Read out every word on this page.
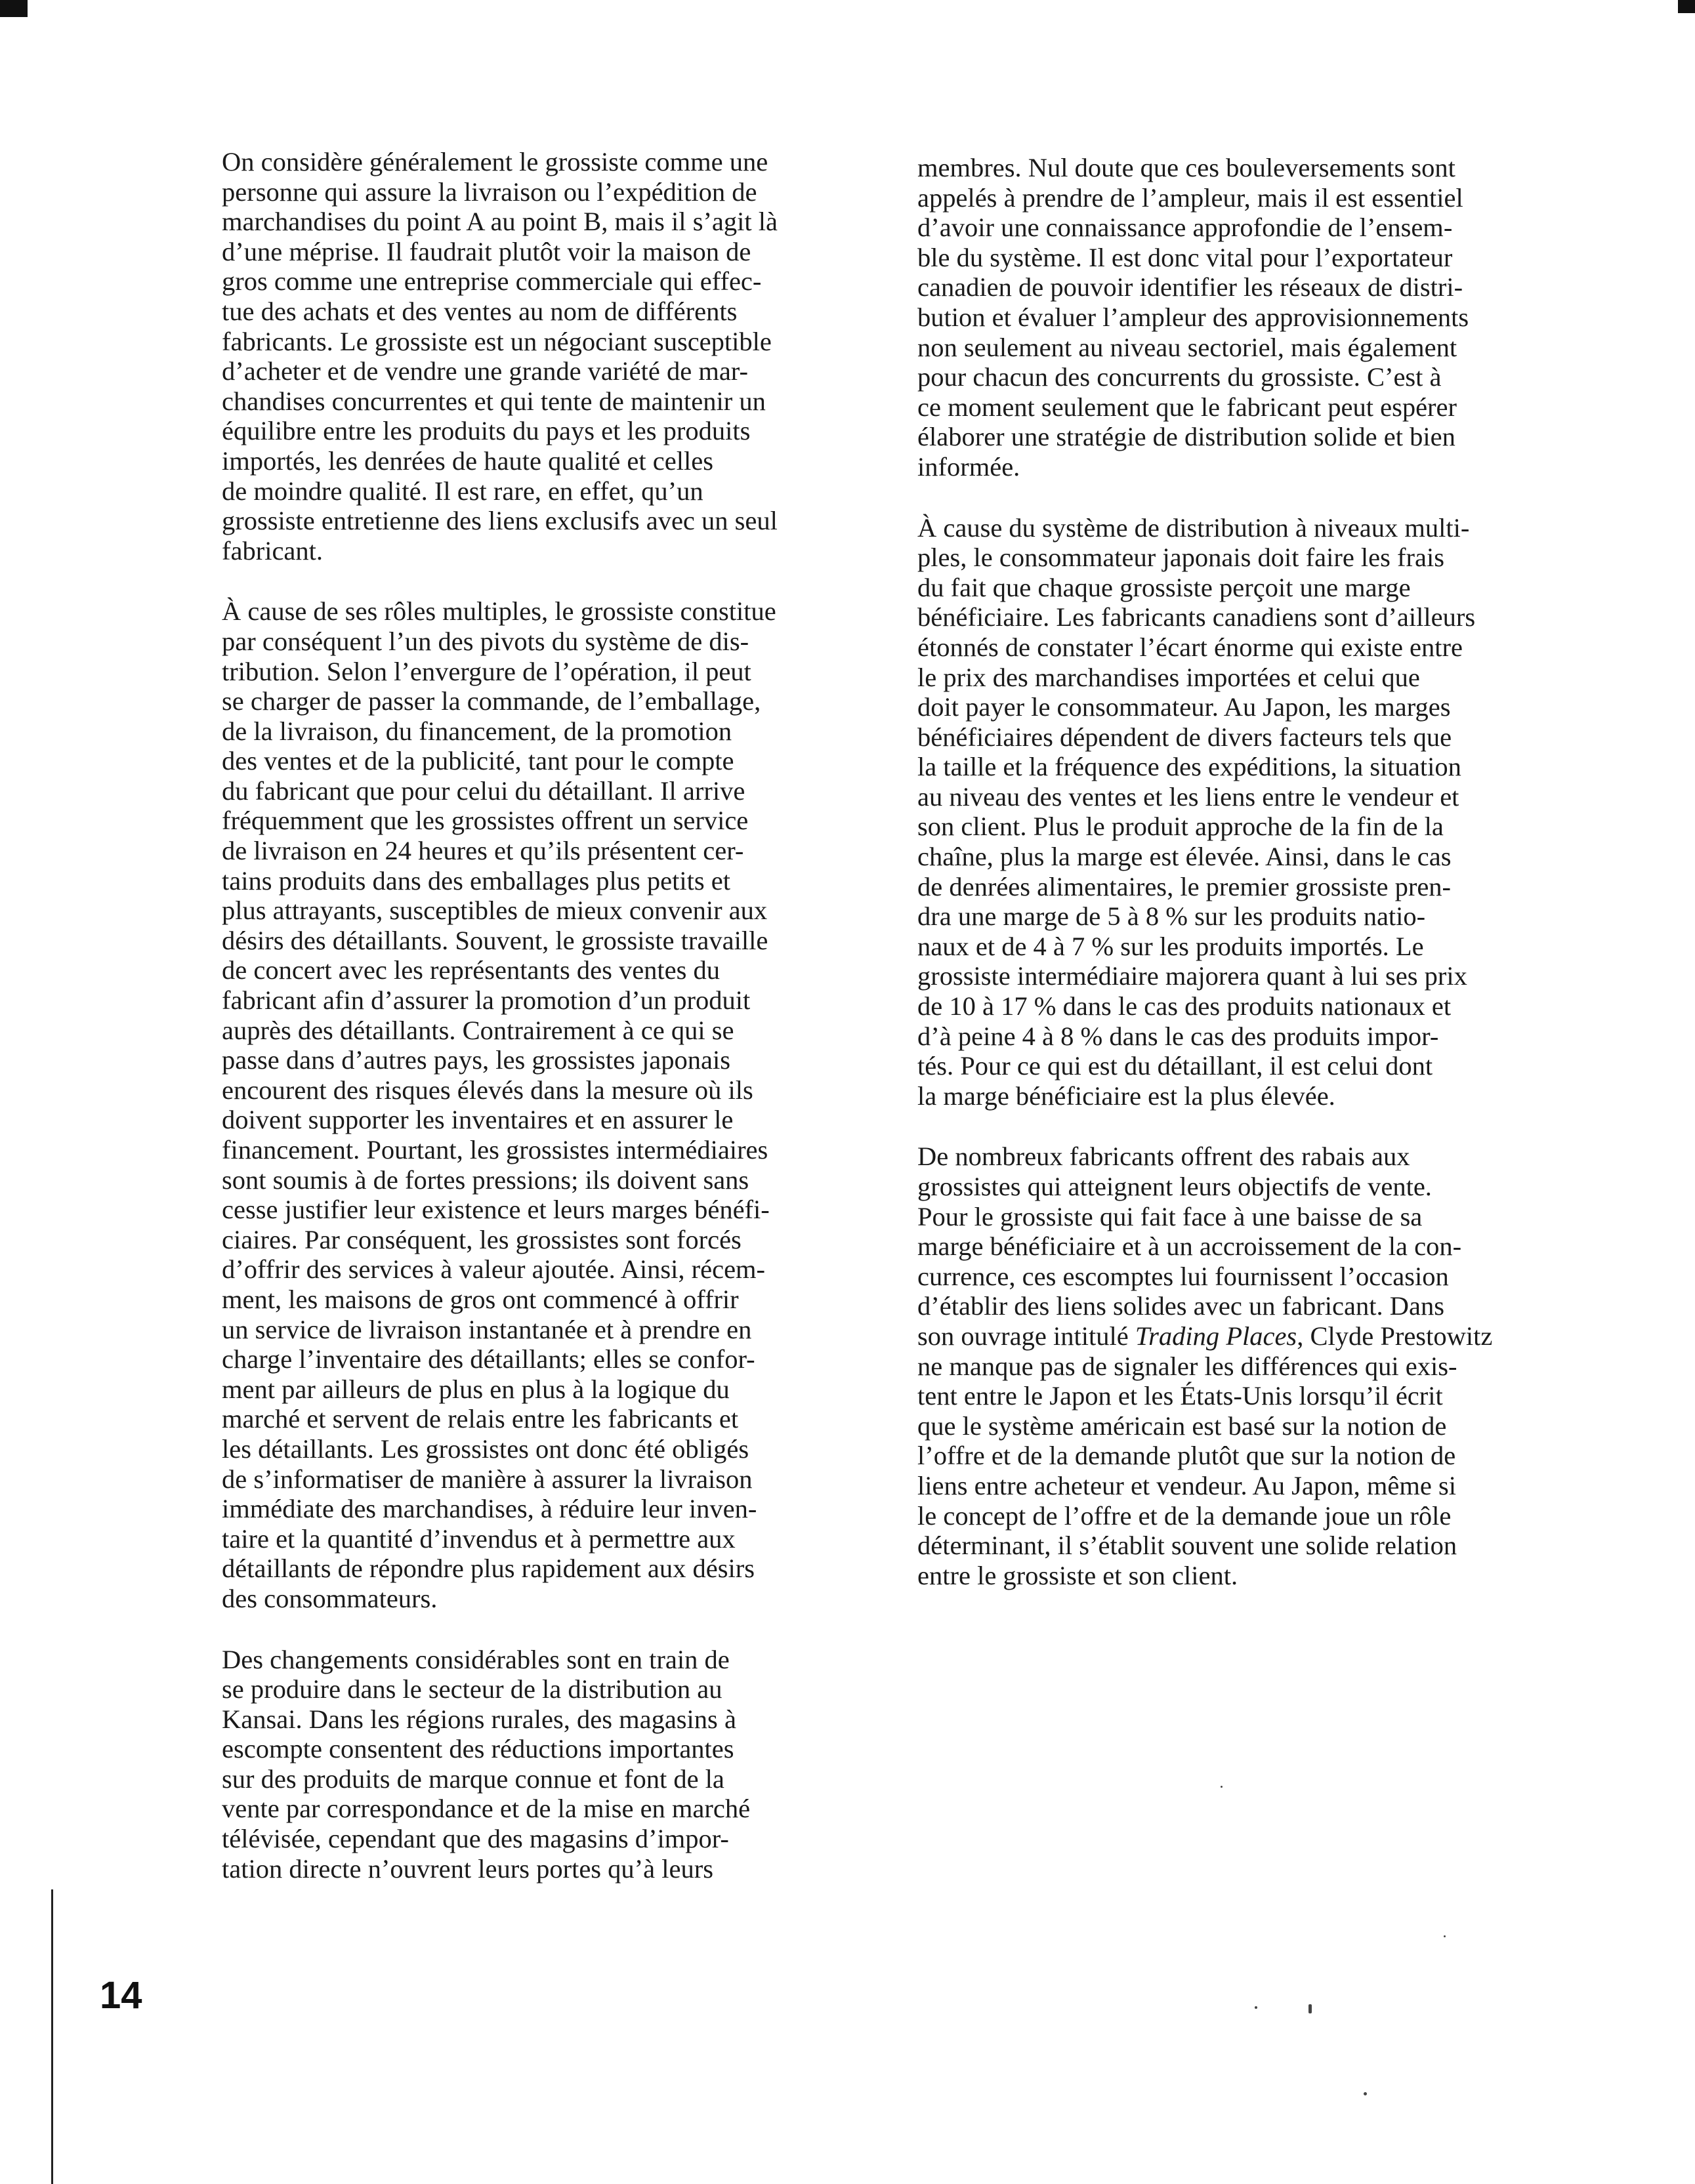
On considère généralement le grossiste comme une
personne qui assure la livraison ou l’expédition de
marchandises du point A au point B, mais il s’agit là
d’une méprise. Il faudrait plutôt voir la maison de
gros comme une entreprise commerciale qui effec-
tue des achats et des ventes au nom de différents
fabricants. Le grossiste est un négociant susceptible
d’acheter et de vendre une grande variété de mar-
chandises concurrentes et qui tente de maintenir un
équilibre entre les produits du pays et les produits
importés, les denrées de haute qualité et celles
de moindre qualité. Il est rare, en effet, qu’un
grossiste entretienne des liens exclusifs avec un seul
fabricant.

À cause de ses rôles multiples, le grossiste constitue
par conséquent l’un des pivots du système de dis-
tribution. Selon l’envergure de l’opération, il peut
se charger de passer la commande, de l’emballage,
de la livraison, du financement, de la promotion
des ventes et de la publicité, tant pour le compte
du fabricant que pour celui du détaillant. Il arrive
fréquemment que les grossistes offrent un service
de livraison en 24 heures et qu’ils présentent cer-
tains produits dans des emballages plus petits et
plus attrayants, susceptibles de mieux convenir aux
désirs des détaillants. Souvent, le grossiste travaille
de concert avec les représentants des ventes du
fabricant afin d’assurer la promotion d’un produit
auprès des détaillants. Contrairement à ce qui se
passe dans d’autres pays, les grossistes japonais
encourent des risques élevés dans la mesure où ils
doivent supporter les inventaires et en assurer le
financement. Pourtant, les grossistes intermédiaires
sont soumis à de fortes pressions; ils doivent sans
cesse justifier leur existence et leurs marges bénéfi-
ciaires. Par conséquent, les grossistes sont forcés
d’offrir des services à valeur ajoutée. Ainsi, récem-
ment, les maisons de gros ont commencé à offrir
un service de livraison instantanée et à prendre en
charge l’inventaire des détaillants; elles se confor-
ment par ailleurs de plus en plus à la logique du
marché et servent de relais entre les fabricants et
les détaillants. Les grossistes ont donc été obligés
de s’informatiser de manière à assurer la livraison
immédiate des marchandises, à réduire leur inven-
taire et la quantité d’invendus et à permettre aux
détaillants de répondre plus rapidement aux désirs
des consommateurs.

Des changements considérables sont en train de
se produire dans le secteur de la distribution au
Kansai. Dans les régions rurales, des magasins à
escompte consentent des réductions importantes
sur des produits de marque connue et font de la
vente par correspondance et de la mise en marché
télévisée, cependant que des magasins d’impor-
tation directe n’ouvrent leurs portes qu’à leurs

membres. Nul doute que ces bouleversements sont
appelés à prendre de l’ampleur, mais il est essentiel
d’avoir une connaissance approfondie de l’ensem-
ble du système. Il est donc vital pour l’exportateur
canadien de pouvoir identifier les réseaux de distri-
bution et évaluer l’ampleur des approvisionnements
non seulement au niveau sectoriel, mais également
pour chacun des concurrents du grossiste. C’est à
ce moment seulement que le fabricant peut espérer
élaborer une stratégie de distribution solide et bien
informée.

À cause du système de distribution à niveaux multi-
ples, le consommateur japonais doit faire les frais
du fait que chaque grossiste perçoit une marge
bénéficiaire. Les fabricants canadiens sont d’ailleurs
étonnés de constater l’écart énorme qui existe entre
le prix des marchandises importées et celui que
doit payer le consommateur. Au Japon, les marges
bénéficiaires dépendent de divers facteurs tels que
la taille et la fréquence des expéditions, la situation
au niveau des ventes et les liens entre le vendeur et
son client. Plus le produit approche de la fin de la
chaîne, plus la marge est élevée. Ainsi, dans le cas
de denrées alimentaires, le premier grossiste pren-
dra une marge de 5 à 8 % sur les produits natio-
naux et de 4 à 7 % sur les produits importés. Le
grossiste intermédiaire majorera quant à lui ses prix
de 10 à 17 % dans le cas des produits nationaux et
d’à peine 4 à 8 % dans le cas des produits impor-
tés. Pour ce qui est du détaillant, il est celui dont
la marge bénéficiaire est la plus élevée.

De nombreux fabricants offrent des rabais aux
grossistes qui atteignent leurs objectifs de vente.
Pour le grossiste qui fait face à une baisse de sa
marge bénéficiaire et à un accroissement de la con-
currence, ces escomptes lui fournissent l’occasion
d’établir des liens solides avec un fabricant. Dans
son ouvrage intitulé Trading Places, Clyde Prestowitz
ne manque pas de signaler les différences qui exis-
tent entre le Japon et les États-Unis lorsqu’il écrit
que le système américain est basé sur la notion de
l’offre et de la demande plutôt que sur la notion de
liens entre acheteur et vendeur. Au Japon, même si
le concept de l’offre et de la demande joue un rôle
déterminant, il s’établit souvent une solide relation
entre le grossiste et son client.

14
